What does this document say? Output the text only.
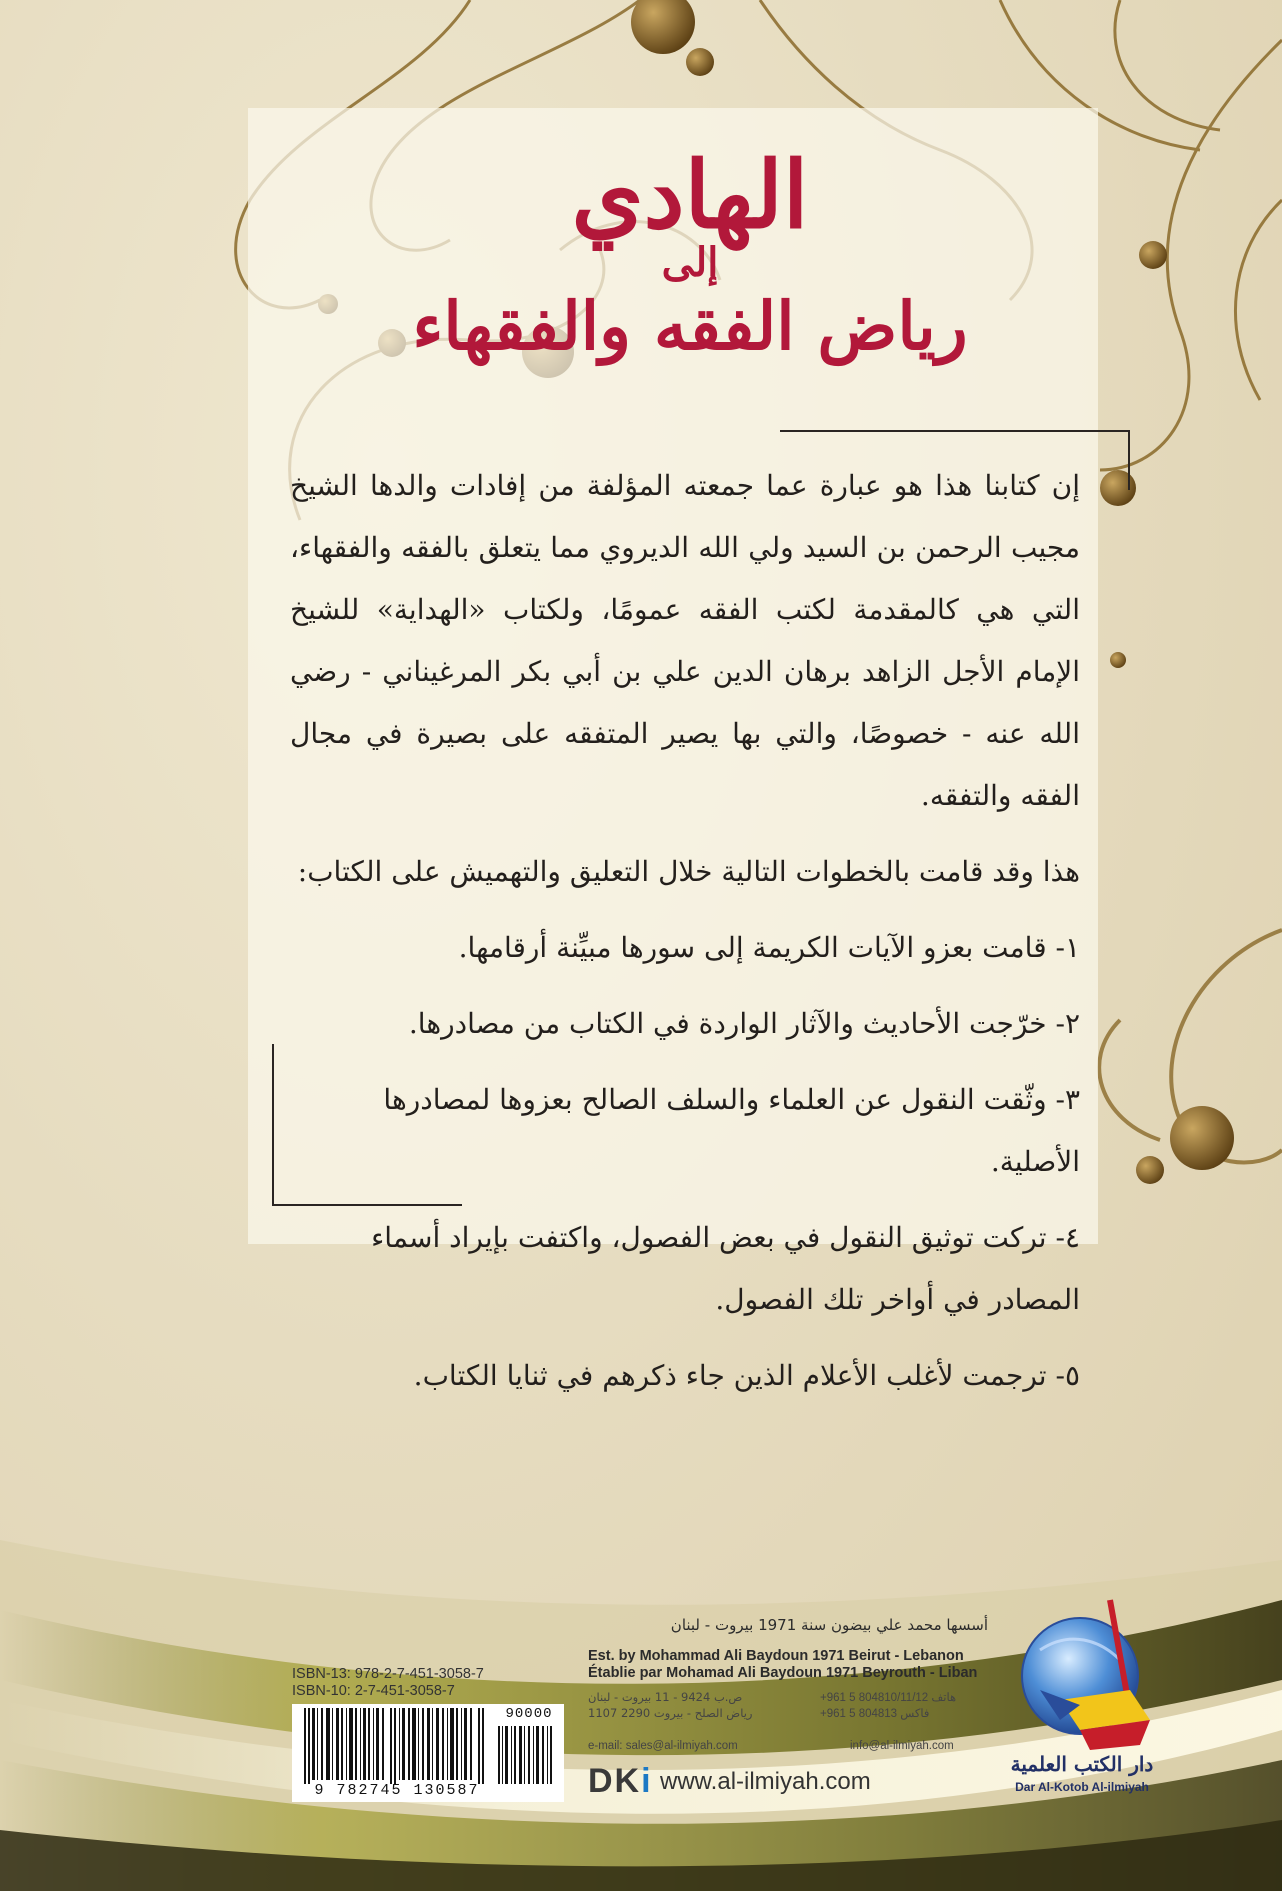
الهادي
إلى
رياض الفقه والفقهاء

إن كتابنا هذا هو عبارة عما جمعته المؤلفة من إفادات والدها الشيخ مجيب الرحمن بن السيد ولي الله الديروي مما يتعلق بالفقه والفقهاء، التي هي كالمقدمة لكتب الفقه عمومًا، ولكتاب «الهداية» للشيخ الإمام الأجل الزاهد برهان الدين علي بن أبي بكر المرغيناني - رضي الله عنه - خصوصًا، والتي بها يصير المتفقه على بصيرة في مجال الفقه والتفقه.

هذا وقد قامت بالخطوات التالية خلال التعليق والتهميش على الكتاب:

١- قامت بعزو الآيات الكريمة إلى سورها مبيِّنة أرقامها.

٢- خرّجت الأحاديث والآثار الواردة في الكتاب من مصادرها.

٣- وثّقت النقول عن العلماء والسلف الصالح بعزوها لمصادرها الأصلية.

٤- تركت توثيق النقول في بعض الفصول، واكتفت بإيراد أسماء المصادر في أواخر تلك الفصول.

٥- ترجمت لأغلب الأعلام الذين جاء ذكرهم في ثنايا الكتاب.

ISBN-13: 978-2-7-451-3058-7
ISBN-10: 2-7-451-3058-7
9 782745 130587
90000
أسسها محمد علي بيضون سنة 1971 بيروت - لبنان
Est. by Mohammad Ali Baydoun 1971 Beirut - Lebanon
Établie par Mohamad Ali Baydoun 1971 Beyrouth - Liban
ص.ب 9424 - 11 بيروت - لبنان
رياض الصلح - بيروت 2290 1107
+961 5 804810/11/12 هاتف
+961 5 804813 فاكس
e-mail: sales@al-ilmiyah.com	info@al-ilmiyah.com
DKi www.al-ilmiyah.com
دار الكتب العلمية
Dar Al-Kotob Al-ilmiyah
